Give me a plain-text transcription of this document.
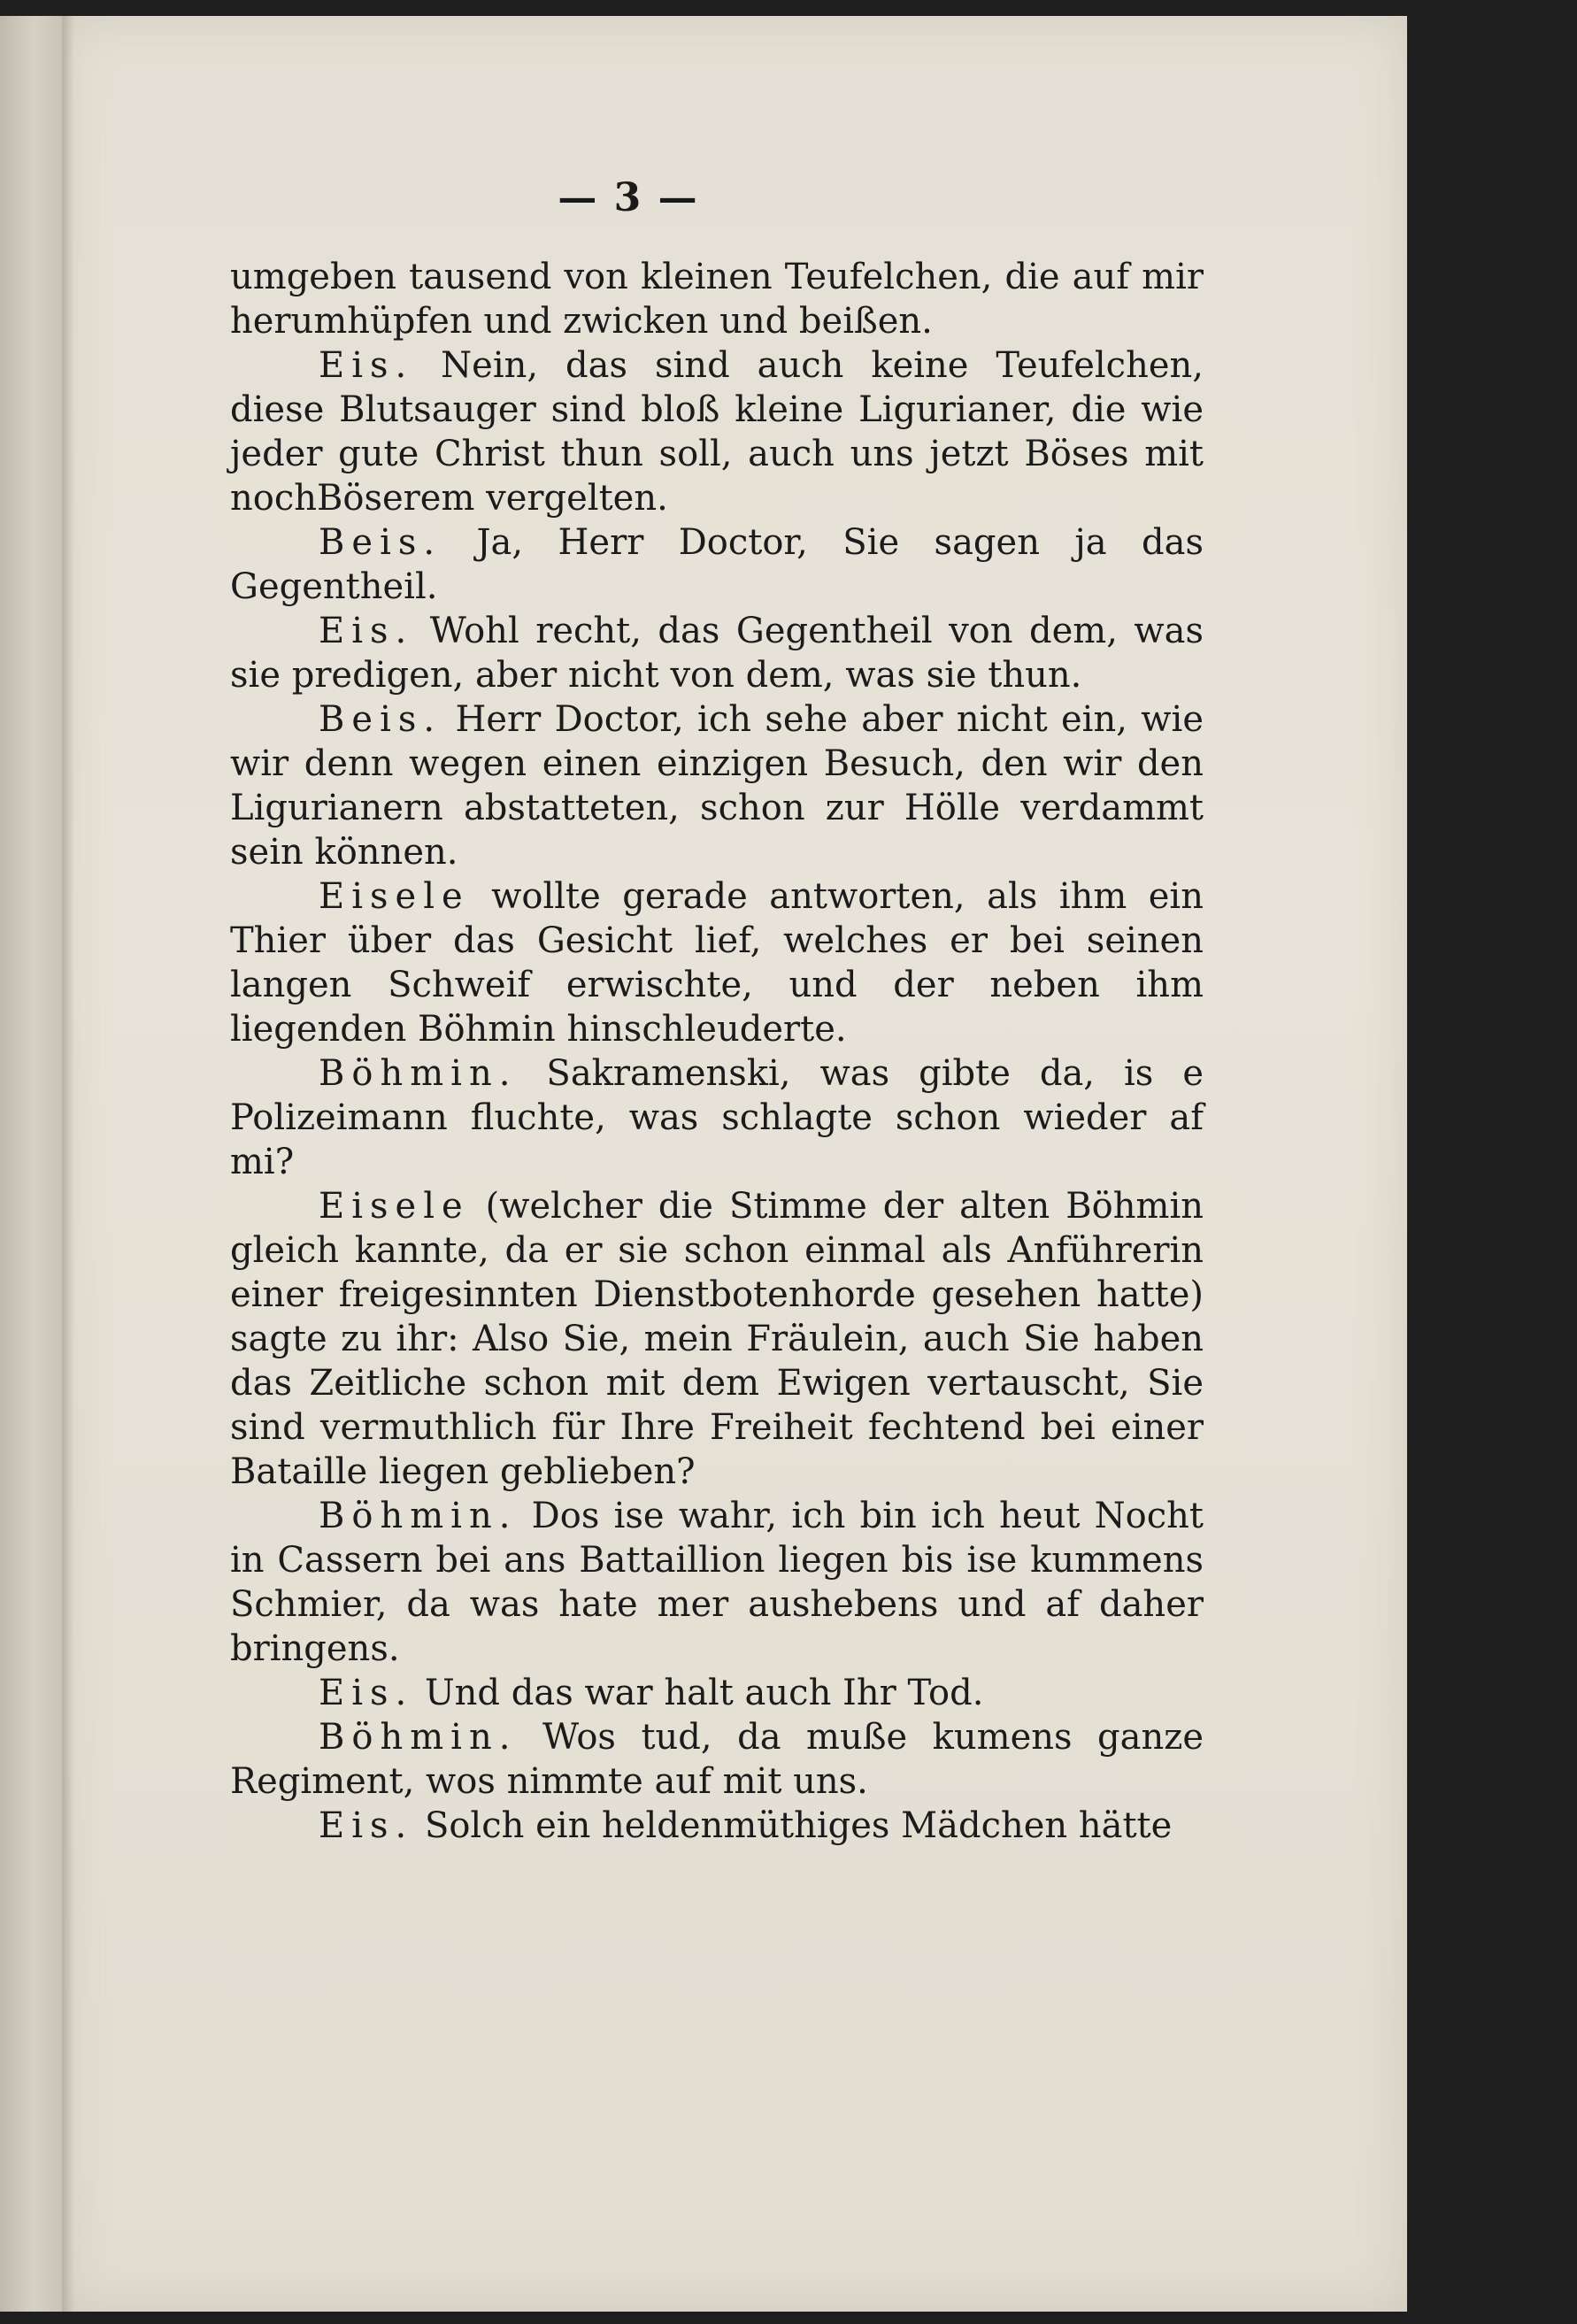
— 3 —

umgeben tausend von kleinen Teufelchen, die auf mir herumhüpfen und zwicken und beißen.

Eis. Nein, das sind auch keine Teufelchen, diese Blutsauger sind bloß kleine Ligurianer, die wie jeder gute Christ thun soll, auch uns jetzt Böses mit nochBöserem vergelten.

Beis. Ja, Herr Doctor, Sie sagen ja das Gegentheil.

Eis. Wohl recht, das Gegentheil von dem, was sie predigen, aber nicht von dem, was sie thun.

Beis. Herr Doctor, ich sehe aber nicht ein, wie wir denn wegen einen einzigen Besuch, den wir den Ligurianern abstatteten, schon zur Hölle verdammt sein können.

Eisele wollte gerade antworten, als ihm ein Thier über das Gesicht lief, welches er bei seinen langen Schweif erwischte, und der neben ihm liegenden Böhmin hinschleuderte.

Böhmin. Sakramenski, was gibte da, is e Polizeimann fluchte, was schlagte schon wieder af mi?

Eisele (welcher die Stimme der alten Böhmin gleich kannte, da er sie schon einmal als Anführerin einer freigesinnten Dienstbotenhorde gesehen hatte) sagte zu ihr: Also Sie, mein Fräulein, auch Sie haben das Zeitliche schon mit dem Ewigen vertauscht, Sie sind vermuthlich für Ihre Freiheit fechtend bei einer Bataille liegen geblieben?

Böhmin. Dos ise wahr, ich bin ich heut Nocht in Cassern bei ans Battaillion liegen bis ise kummens Schmier, da was hate mer aushebens und af daher bringens.

Eis. Und das war halt auch Ihr Tod.

Böhmin. Wos tud, da muße kumens ganze Regiment, wos nimmte auf mit uns.

Eis. Solch ein heldenmüthiges Mädchen hätte
